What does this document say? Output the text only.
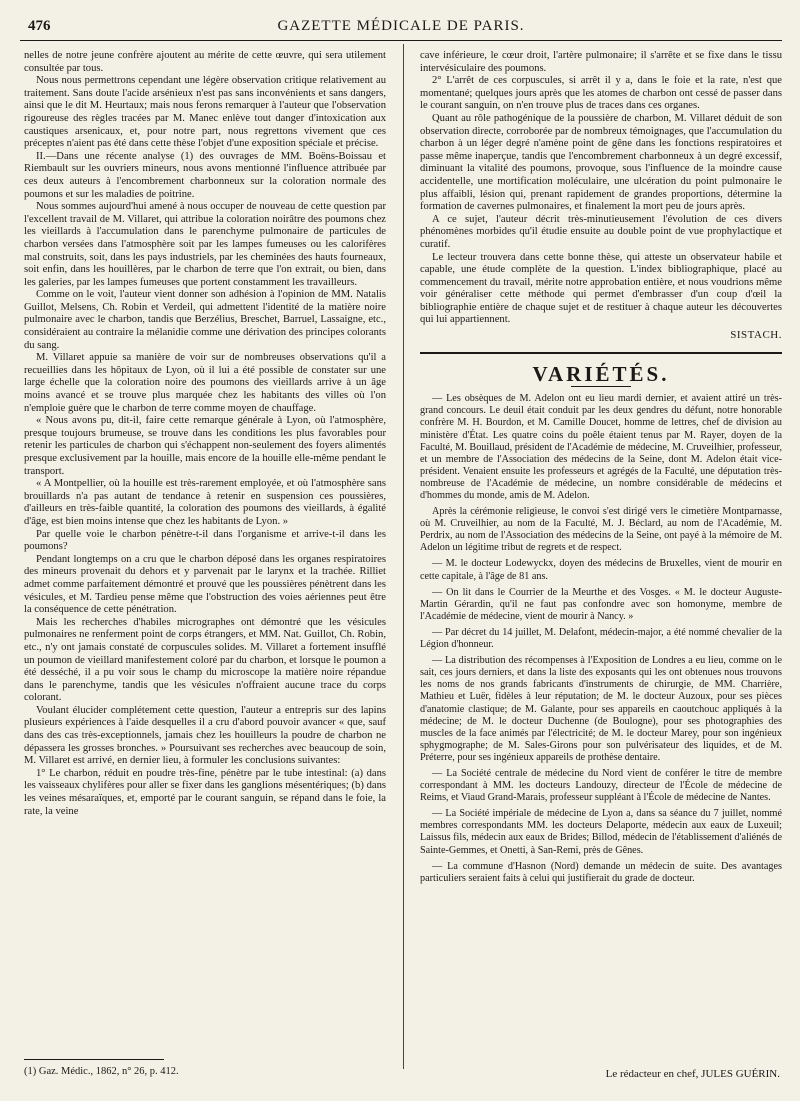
476	GAZETTE MÉDICALE DE PARIS.

nelles de notre jeune confrère ajoutent au mérite de cette œuvre, qui sera utilement consultée par tous.

Nous nous permettrons cependant une légère observation critique relativement au traitement. Sans doute l'acide arsénieux n'est pas sans inconvénients et sans dangers, ainsi que le dit M. Heurtaux; mais nous ferons remarquer à l'auteur que l'observation rigoureuse des règles tracées par M. Manec enlève tout danger d'intoxication aux caustiques arsenicaux, et, pour notre part, nous regrettons vivement que ces préceptes n'aient pas été dans cette thèse l'objet d'une exposition spéciale et précise.

II.—Dans une récente analyse (1) des ouvrages de MM. Boëns-Boissau et Riembault sur les ouvriers mineurs, nous avons mentionné l'influence attribuée par ces deux auteurs à l'encombrement charbonneux sur la coloration normale des poumons et sur les maladies de poitrine.

Nous sommes aujourd'hui amené à nous occuper de nouveau de cette question par l'excellent travail de M. Villaret, qui attribue la coloration noirâtre des poumons chez les vieillards à l'accumulation dans le parenchyme pulmonaire de particules de charbon versées dans l'atmosphère soit par les lampes fumeuses ou les calorifères mal construits, soit, dans les pays industriels, par les cheminées des hauts fourneaux, soit enfin, dans les houillères, par le charbon de terre que l'on extrait, ou bien, dans les galeries, par les lampes fumeuses que portent constamment les travailleurs.

Comme on le voit, l'auteur vient donner son adhésion à l'opinion de MM. Natalis Guillot, Melsens, Ch. Robin et Verdeil, qui admettent l'identité de la matière noire pulmonaire avec le charbon, tandis que Berzélius, Breschet, Barruel, Lassaigne, etc., considéraient au contraire la mélanidie comme une dérivation des principes colorants du sang.

M. Villaret appuie sa manière de voir sur de nombreuses observations qu'il a recueillies dans les hôpitaux de Lyon, où il lui a été possible de constater sur une large échelle que la coloration noire des poumons des vieillards arrive à un âge moins avancé et se trouve plus marquée chez les habitants des villes où l'on n'emploie guère que le charbon de terre comme moyen de chauffage.

« Nous avons pu, dit-il, faire cette remarque générale à Lyon, où l'atmosphère, presque toujours brumeuse, se trouve dans les conditions les plus favorables pour retenir les particules de charbon qui s'échappent non-seulement des foyers alimentés presque exclusivement par la houille, mais encore de la houille elle-même pendant le transport.

« A Montpellier, où la houille est très-rarement employée, et où l'atmosphère sans brouillards n'a pas autant de tendance à retenir en suspension ces poussières, d'ailleurs en très-faible quantité, la coloration des poumons des vieillards, à égalité d'âge, est bien moins intense que chez les habitants de Lyon. »

Par quelle voie le charbon pénètre-t-il dans l'organisme et arrive-t-il dans les poumons?

Pendant longtemps on a cru que le charbon déposé dans les organes respiratoires des mineurs provenait du dehors et y parvenait par le larynx et la trachée. Rilliet admet comme parfaitement démontré et prouvé que les poussières pénètrent dans les vésicules, et M. Tardieu pense même que l'obstruction des voies aériennes peut être la conséquence de cette pénétration.

Mais les recherches d'habiles micrographes ont démontré que les vésicules pulmonaires ne renferment point de corps étrangers, et MM. Nat. Guillot, Ch. Robin, etc., n'y ont jamais constaté de corpuscules solides. M. Villaret a fortement insufflé un poumon de vieillard manifestement coloré par du charbon, et lorsque le poumon a été desséché, il a pu voir sous le champ du microscope la matière noire répandue dans le parenchyme, tandis que les vésicules n'offraient aucune trace du corps colorant.

Voulant élucider complétement cette question, l'auteur a entrepris sur des lapins plusieurs expériences à l'aide desquelles il a cru d'abord pouvoir avancer « que, sauf dans des cas très-exceptionnels, jamais chez les houilleurs la poudre de charbon ne dépassera les grosses bronches. » Poursuivant ses recherches avec beaucoup de soin, M. Villaret est arrivé, en dernier lieu, à formuler les conclusions suivantes:

1° Le charbon, réduit en poudre très-fine, pénètre par le tube intestinal: (a) dans les vaisseaux chylifères pour aller se fixer dans les ganglions mésentériques; (b) dans les veines mésaraïques, et, emporté par le courant sanguin, se répand dans le foie, la rate, la veine

cave inférieure, le cœur droit, l'artère pulmonaire; il s'arrête et se fixe dans le tissu intervésiculaire des poumons.

2° L'arrêt de ces corpuscules, si arrêt il y a, dans le foie et la rate, n'est que momentané; quelques jours après que les atomes de charbon ont cessé de passer dans le courant sanguin, on n'en trouve plus de traces dans ces organes.

Quant au rôle pathogénique de la poussière de charbon, M. Villaret déduit de son observation directe, corroborée par de nombreux témoignages, que l'accumulation du charbon à un léger degré n'amène point de gêne dans les fonctions respiratoires et passe même inaperçue, tandis que l'encombrement charbonneux à un degré excessif, diminuant la vitalité des poumons, provoque, sous l'influence de la moindre cause accidentelle, une mortification moléculaire, une ulcération du point pulmonaire le plus affaibli, lésion qui, prenant rapidement de grandes proportions, détermine la formation de cavernes pulmonaires, et finalement la mort peu de jours après.

A ce sujet, l'auteur décrit très-minutieusement l'évolution de ces divers phénomènes morbides qu'il étudie ensuite au double point de vue prophylactique et curatif.

Le lecteur trouvera dans cette bonne thèse, qui atteste un observateur habile et capable, une étude complète de la question. L'index bibliographique, placé au commencement du travail, mérite notre approbation entière, et nous voudrions même voir généraliser cette méthode qui permet d'embrasser d'un coup d'œil la bibliographie entière de chaque sujet et de restituer à chaque auteur les découvertes qui lui appartiennent.

SISTACH.
VARIÉTÉS.

— Les obsèques de M. Adelon ont eu lieu mardi dernier, et avaient attiré un très-grand concours. Le deuil était conduit par les deux gendres du défunt, notre honorable confrère M. H. Bourdon, et M. Camille Doucet, homme de lettres, chef de division au ministère d'État. Les quatre coins du poêle étaient tenus par M. Rayer, doyen de la Faculté, M. Bouillaud, président de l'Académie de médecine, M. Cruveilhier, professeur, et un membre de l'Association des médecins de la Seine, dont M. Adelon était vice-président. Venaient ensuite les professeurs et agrégés de la Faculté, une députation très-nombreuse de l'Académie de médecine, un nombre considérable de médecins et d'hommes du monde, amis de M. Adelon.

Après la cérémonie religieuse, le convoi s'est dirigé vers le cimetière Montparnasse, où M. Cruveilhier, au nom de la Faculté, M. J. Béclard, au nom de l'Académie, M. Perdrix, au nom de l'Association des médecins de la Seine, ont payé à la mémoire de M. Adelon un légitime tribut de regrets et de respect.

— M. le docteur Lodewyckx, doyen des médecins de Bruxelles, vient de mourir en cette capitale, à l'âge de 81 ans.

— On lit dans le Courrier de la Meurthe et des Vosges. « M. le docteur Auguste-Martin Gérardin, qu'il ne faut pas confondre avec son homonyme, membre de l'Académie de médecine, vient de mourir à Nancy. »

— Par décret du 14 juillet, M. Delafont, médecin-major, a été nommé chevalier de la Légion d'honneur.

— La distribution des récompenses à l'Exposition de Londres a eu lieu, comme on le sait, ces jours derniers, et dans la liste des exposants qui les ont obtenues nous trouvons les noms de nos grands fabricants d'instruments de chirurgie, de MM. Charrière, Mathieu et Luër, fidèles à leur réputation; de M. le docteur Auzoux, pour ses pièces d'anatomie clastique; de M. Galante, pour ses appareils en caoutchouc appliqués à la médecine; de M. le docteur Duchenne (de Boulogne), pour ses photographies des muscles de la face animés par l'électricité; de M. le docteur Marey, pour son ingénieux sphygmographe; de M. Sales-Girons pour son pulvérisateur des liquides, et de M. Préterre, pour ses ingénieux appareils de prothèse dentaire.

— La Société centrale de médecine du Nord vient de conférer le titre de membre correspondant à MM. les docteurs Landouzy, directeur de l'École de médecine de Reims, et Viaud Grand-Marais, professeur suppléant à l'École de médecine de Nantes.

— La Société impériale de médecine de Lyon a, dans sa séance du 7 juillet, nommé membres correspondants MM. les docteurs Delaporte, médecin aux eaux de Luxeuil; Laissus fils, médecin aux eaux de Brides; Billod, médecin de l'établissement d'aliénés de Sainte-Gemmes, et Onetti, à San-Remi, près de Gênes.

— La commune d'Hasnon (Nord) demande un médecin de suite. Des avantages particuliers seraient faits à celui qui justifierait du grade de docteur.

(1) Gaz. Médic., 1862, n° 26, p. 412.	Le rédacteur en chef, JULES GUÉRIN.
